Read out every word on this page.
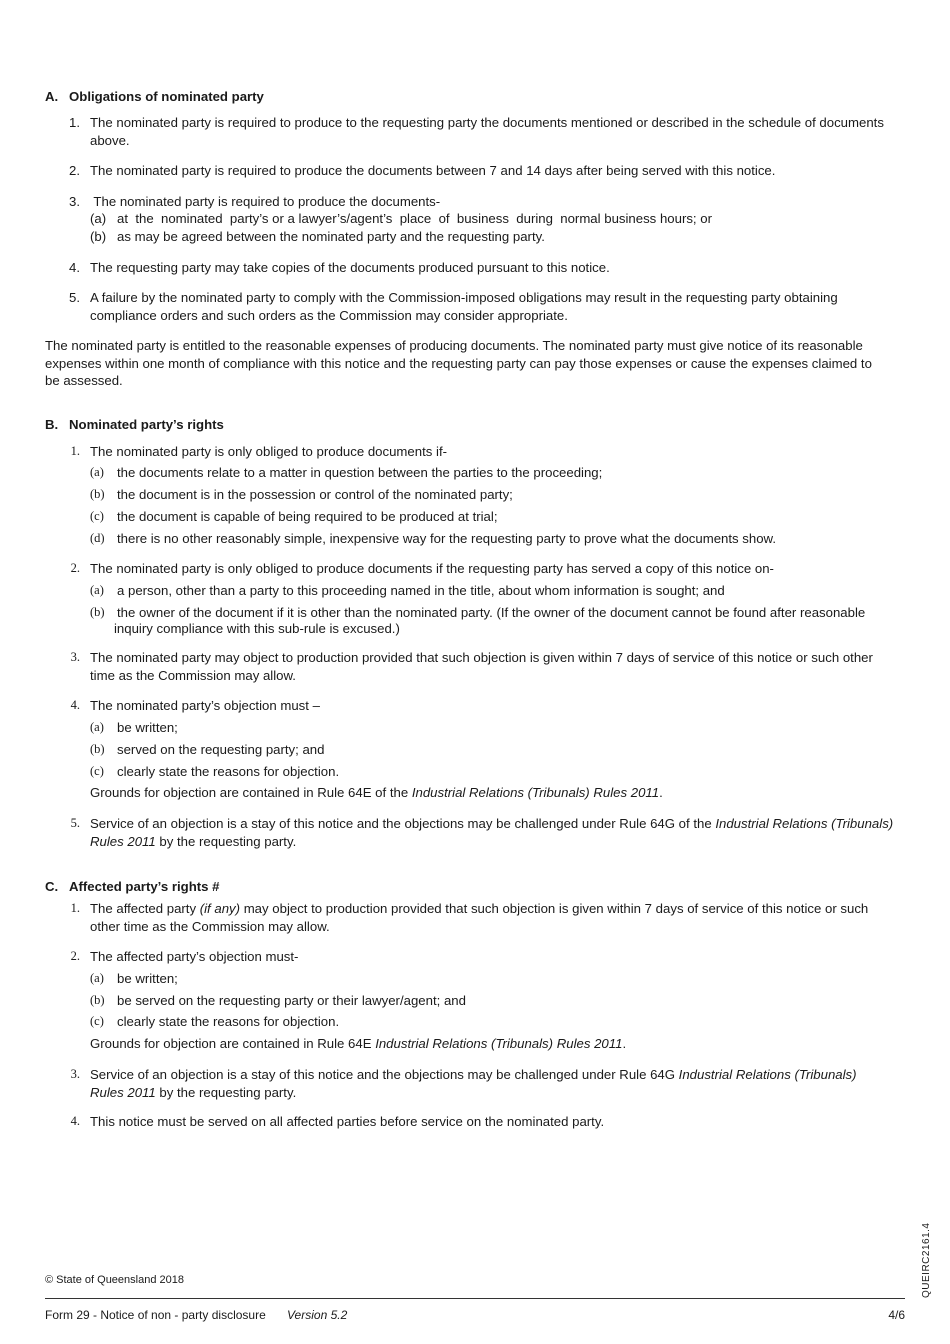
A. Obligations of nominated party
1. The nominated party is required to produce to the requesting party the documents mentioned or described in the schedule of documents
above.
2. The nominated party is required to produce the documents between 7 and 14 days after being served with this notice.
3. The nominated party is required to produce the documents-
(a) at  the  nominated  party’s or a lawyer’s/agent’s  place  of  business  during  normal business hours; or
(b) as may be agreed between the nominated party and the requesting party.
4. The requesting party may take copies of the documents produced pursuant to this notice.
5. A failure by the nominated party to comply with the Commission-imposed obligations may result in the requesting party obtaining
compliance orders and such orders as the Commission may consider appropriate.
The nominated party is entitled to the reasonable expenses of producing documents. The nominated party must give notice of its reasonable
expenses within one month of compliance with this notice and the requesting party can pay those expenses or cause the expenses claimed to
be assessed.
B. Nominated party’s rights
1. The nominated party is only obliged to produce documents if-
(a) the documents relate to a matter in question between the parties to the proceeding;
(b) the document is in the possession or control of the nominated party;
(c) the document is capable of being required to be produced at trial;
(d) there is no other reasonably simple, inexpensive way for the requesting party to prove what the documents show.
2. The nominated party is only obliged to produce documents if the requesting party has served a copy of this notice on-
(a) a person, other than a party to this proceeding named in the title, about whom information is sought; and
(b) the owner of the document if it is other than the nominated party. (If the owner of the document cannot be found after reasonable
inquiry compliance with this sub-rule is excused.)
3. The nominated party may object to production provided that such objection is given within 7 days of service of this notice or such other
time as the Commission may allow.
4. The nominated party’s objection must –
(a) be written;
(b) served on the requesting party; and
(c) clearly state the reasons for objection.
Grounds for objection are contained in Rule 64E of the Industrial Relations (Tribunals) Rules 2011.
5. Service of an objection is a stay of this notice and the objections may be challenged under Rule 64G of the Industrial Relations (Tribunals)
Rules 2011 by the requesting party.
C. Affected party’s rights #
1. The affected party (if any) may object to production provided that such objection is given within 7 days of service of this notice or such
other time as the Commission may allow.
2. The affected party’s objection must-
(a) be written;
(b) be served on the requesting party or their lawyer/agent; and
(c) clearly state the reasons for objection.
Grounds for objection are contained in Rule 64E Industrial Relations (Tribunals) Rules 2011.
3. Service of an objection is a stay of this notice and the objections may be challenged under Rule 64G Industrial Relations (Tribunals)
Rules 2011 by the requesting party.
4. This notice must be served on all affected parties before service on the nominated party.
© State of Queensland 2018
Form 29 - Notice of non - party disclosure Version 5.2	4/6
QUEIRC2161.4
